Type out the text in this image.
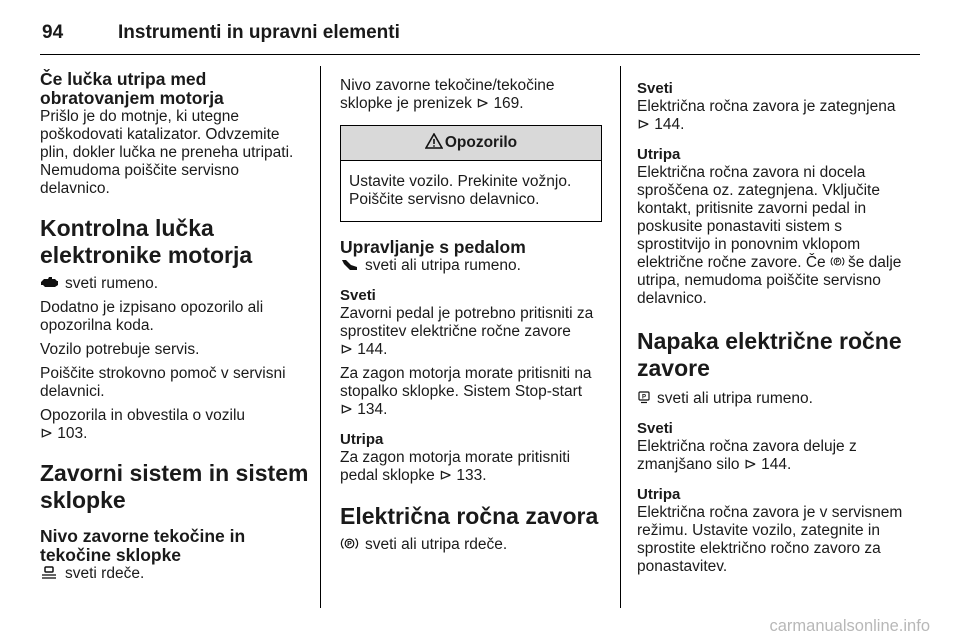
94	Instrumenti in upravni elementi
Če lučka utripa med obratovanjem motorja

Prišlo je do motnje, ki utegne poškodovati katalizator. Odvzemite plin, dokler lučka ne preneha utripati. Nemudoma poiščite servisno delavnico.

Kontrolna lučka elektronike motorja

sveti rumeno.

Dodatno je izpisano opozorilo ali opozorilna koda.

Vozilo potrebuje servis.

Poiščite strokovno pomoč v servisni delavnici.

Opozorila in obvestila o vozilu
⊳ 103.

Zavorni sistem in sistem sklopke
Nivo zavorne tekočine in tekočine sklopke

sveti rdeče.

Nivo zavorne tekočine/tekočine sklopke je prenizek ⊳ 169.

Opozorilo
Ustavite vozilo. Prekinite vožnjo. Poiščite servisno delavnico.
Upravljanje s pedalom

sveti ali utripa rumeno.

Sveti

Zavorni pedal je potrebno pritisniti za sprostitev električne ročne zavore
⊳ 144.

Za zagon motorja morate pritisniti na stopalko sklopke. Sistem Stop-start
⊳ 134.

Utripa

Za zagon motorja morate pritisniti pedal sklopke ⊳ 133.

Električna ročna zavora

P sveti ali utripa rdeče.

Sveti

Električna ročna zavora je zategnjena
⊳ 144.

Utripa

Električna ročna zavora ni docela sproščena oz. zategnjena. Vključite kontakt, pritisnite zavorni pedal in poskusite ponastaviti sistem s sprostitvijo in ponovnim vklopom električne ročne zavore. Če P še dalje utripa, nemudoma poiščite servisno delavnico.

Napaka električne ročne zavore

P sveti ali utripa rumeno.

Sveti

Električna ročna zavora deluje z zmanjšano silo ⊳ 144.

Utripa

Električna ročna zavora je v servisnem režimu. Ustavite vozilo, zategnite in sprostite električno ročno zavoro za ponastavitev.

carmanualsonline.info
